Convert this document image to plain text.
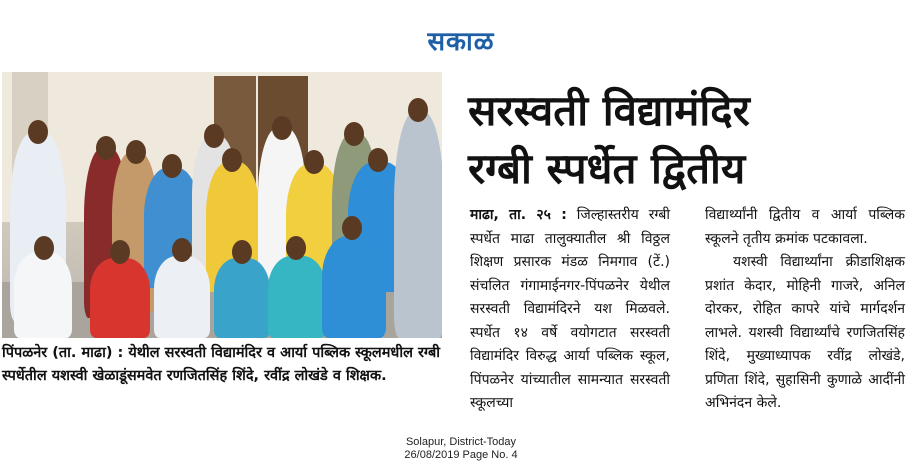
सकाळ
पिंपळनेर (ता. माढा) : येथील सरस्वती विद्यामंदिर व आर्या पब्लिक स्कूलमधील रग्बी स्पर्धेतील यशस्वी खेळाडूंसमवेत रणजितसिंह शिंदे, रवींद्र लोखंडे व शिक्षक.
सरस्वती विद्यामंदिर
रग्बी स्पर्धेत द्वितीय
माढा, ता. २५ : जिल्हास्तरीय रग्बी स्पर्धेत माढा तालुक्यातील श्री विठ्ठल शिक्षण प्रसारक मंडळ निमगाव (टें.) संचलित गंगामाईनगर-पिंपळनेर येथील सरस्वती विद्यामंदिरने यश मिळवले. स्पर्धेत १४ वर्षे वयोगटात सरस्वती विद्यामंदिर विरुद्ध आर्या पब्लिक स्कूल, पिंपळनेर यांच्यातील सामन्यात सरस्वती स्कूलच्या
विद्यार्थ्यांनी द्वितीय व आर्या पब्लिक स्कूलने तृतीय क्रमांक पटकावला.
यशस्वी विद्यार्थ्यांना क्रीडाशिक्षक प्रशांत केदार, मोहिनी गाजरे, अनिल दोरकर, रोहित कापरे यांचे मार्गदर्शन लाभले. यशस्वी विद्यार्थ्यांचे रणजितसिंह शिंदे, मुख्याध्यापक रवींद्र लोखंडे, प्रणिता शिंदे, सुहासिनी कुणाळे आदींनी अभिनंदन केले.
Solapur, District-Today
26/08/2019 Page No. 4
